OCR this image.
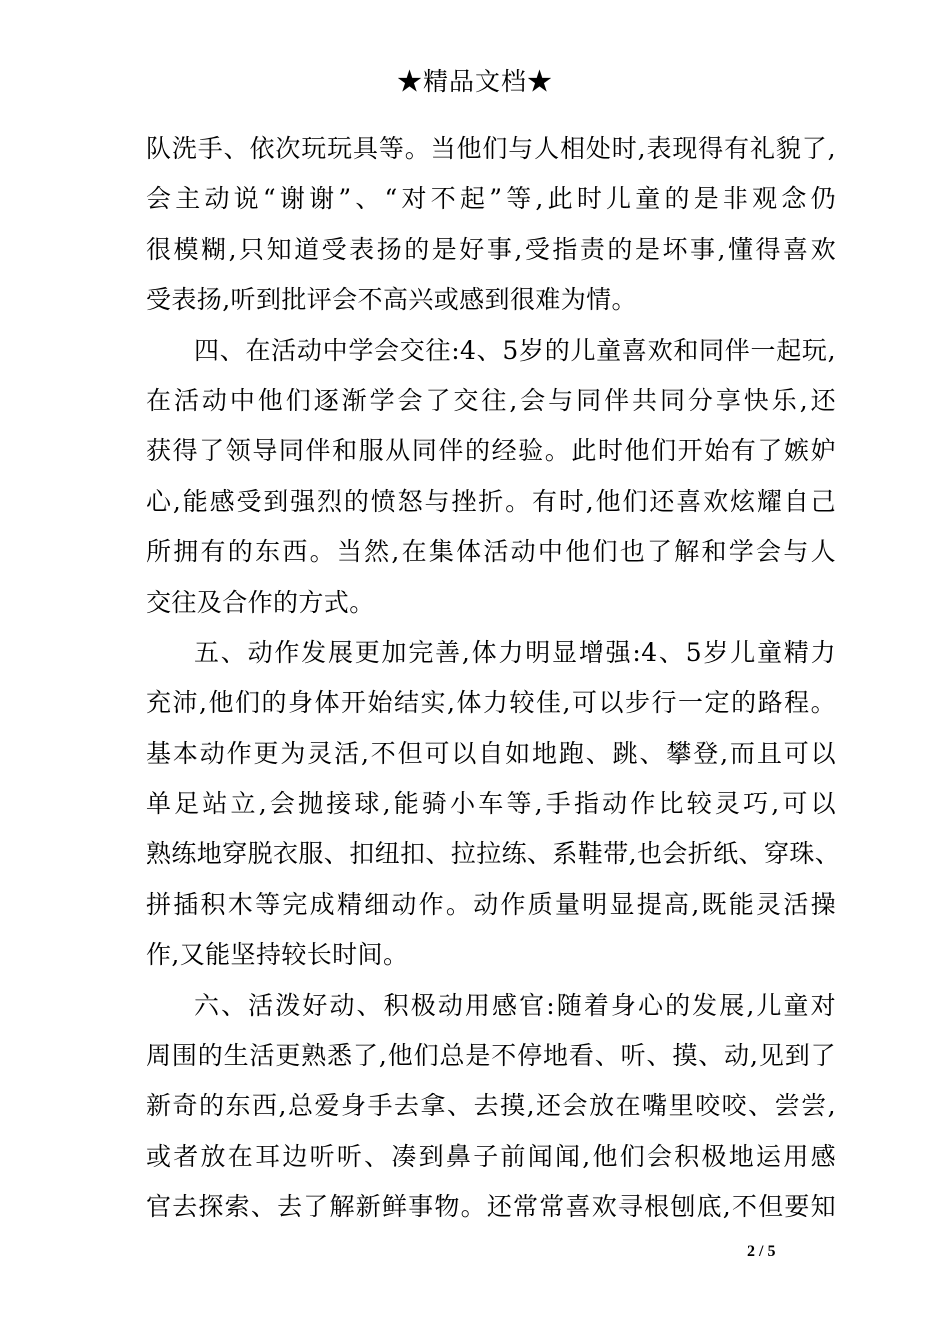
★精品文档★
队洗手、依次玩玩具等。当他们与人相处时,表现得有礼貌了,
会主动说“谢谢”、“对不起”等,此时儿童的是非观念仍
很模糊,只知道受表扬的是好事,受指责的是坏事,懂得喜欢
受表扬,听到批评会不高兴或感到很难为情。
四、在活动中学会交往:4、5岁的儿童喜欢和同伴一起玩,
在活动中他们逐渐学会了交往,会与同伴共同分享快乐,还
获得了领导同伴和服从同伴的经验。此时他们开始有了嫉妒
心,能感受到强烈的愤怒与挫折。有时,他们还喜欢炫耀自己
所拥有的东西。当然,在集体活动中他们也了解和学会与人
交往及合作的方式。
五、动作发展更加完善,体力明显增强:4、5岁儿童精力
充沛,他们的身体开始结实,体力较佳,可以步行一定的路程。
基本动作更为灵活,不但可以自如地跑、跳、攀登,而且可以
单足站立,会抛接球,能骑小车等,手指动作比较灵巧,可以
熟练地穿脱衣服、扣纽扣、拉拉练、系鞋带,也会折纸、穿珠、
拼插积木等完成精细动作。动作质量明显提高,既能灵活操
作,又能坚持较长时间。
六、活泼好动、积极动用感官:随着身心的发展,儿童对
周围的生活更熟悉了,他们总是不停地看、听、摸、动,见到了
新奇的东西,总爱身手去拿、去摸,还会放在嘴里咬咬、尝尝,
或者放在耳边听听、凑到鼻子前闻闻,他们会积极地运用感
官去探索、去了解新鲜事物。还常常喜欢寻根刨底,不但要知
2 / 5
